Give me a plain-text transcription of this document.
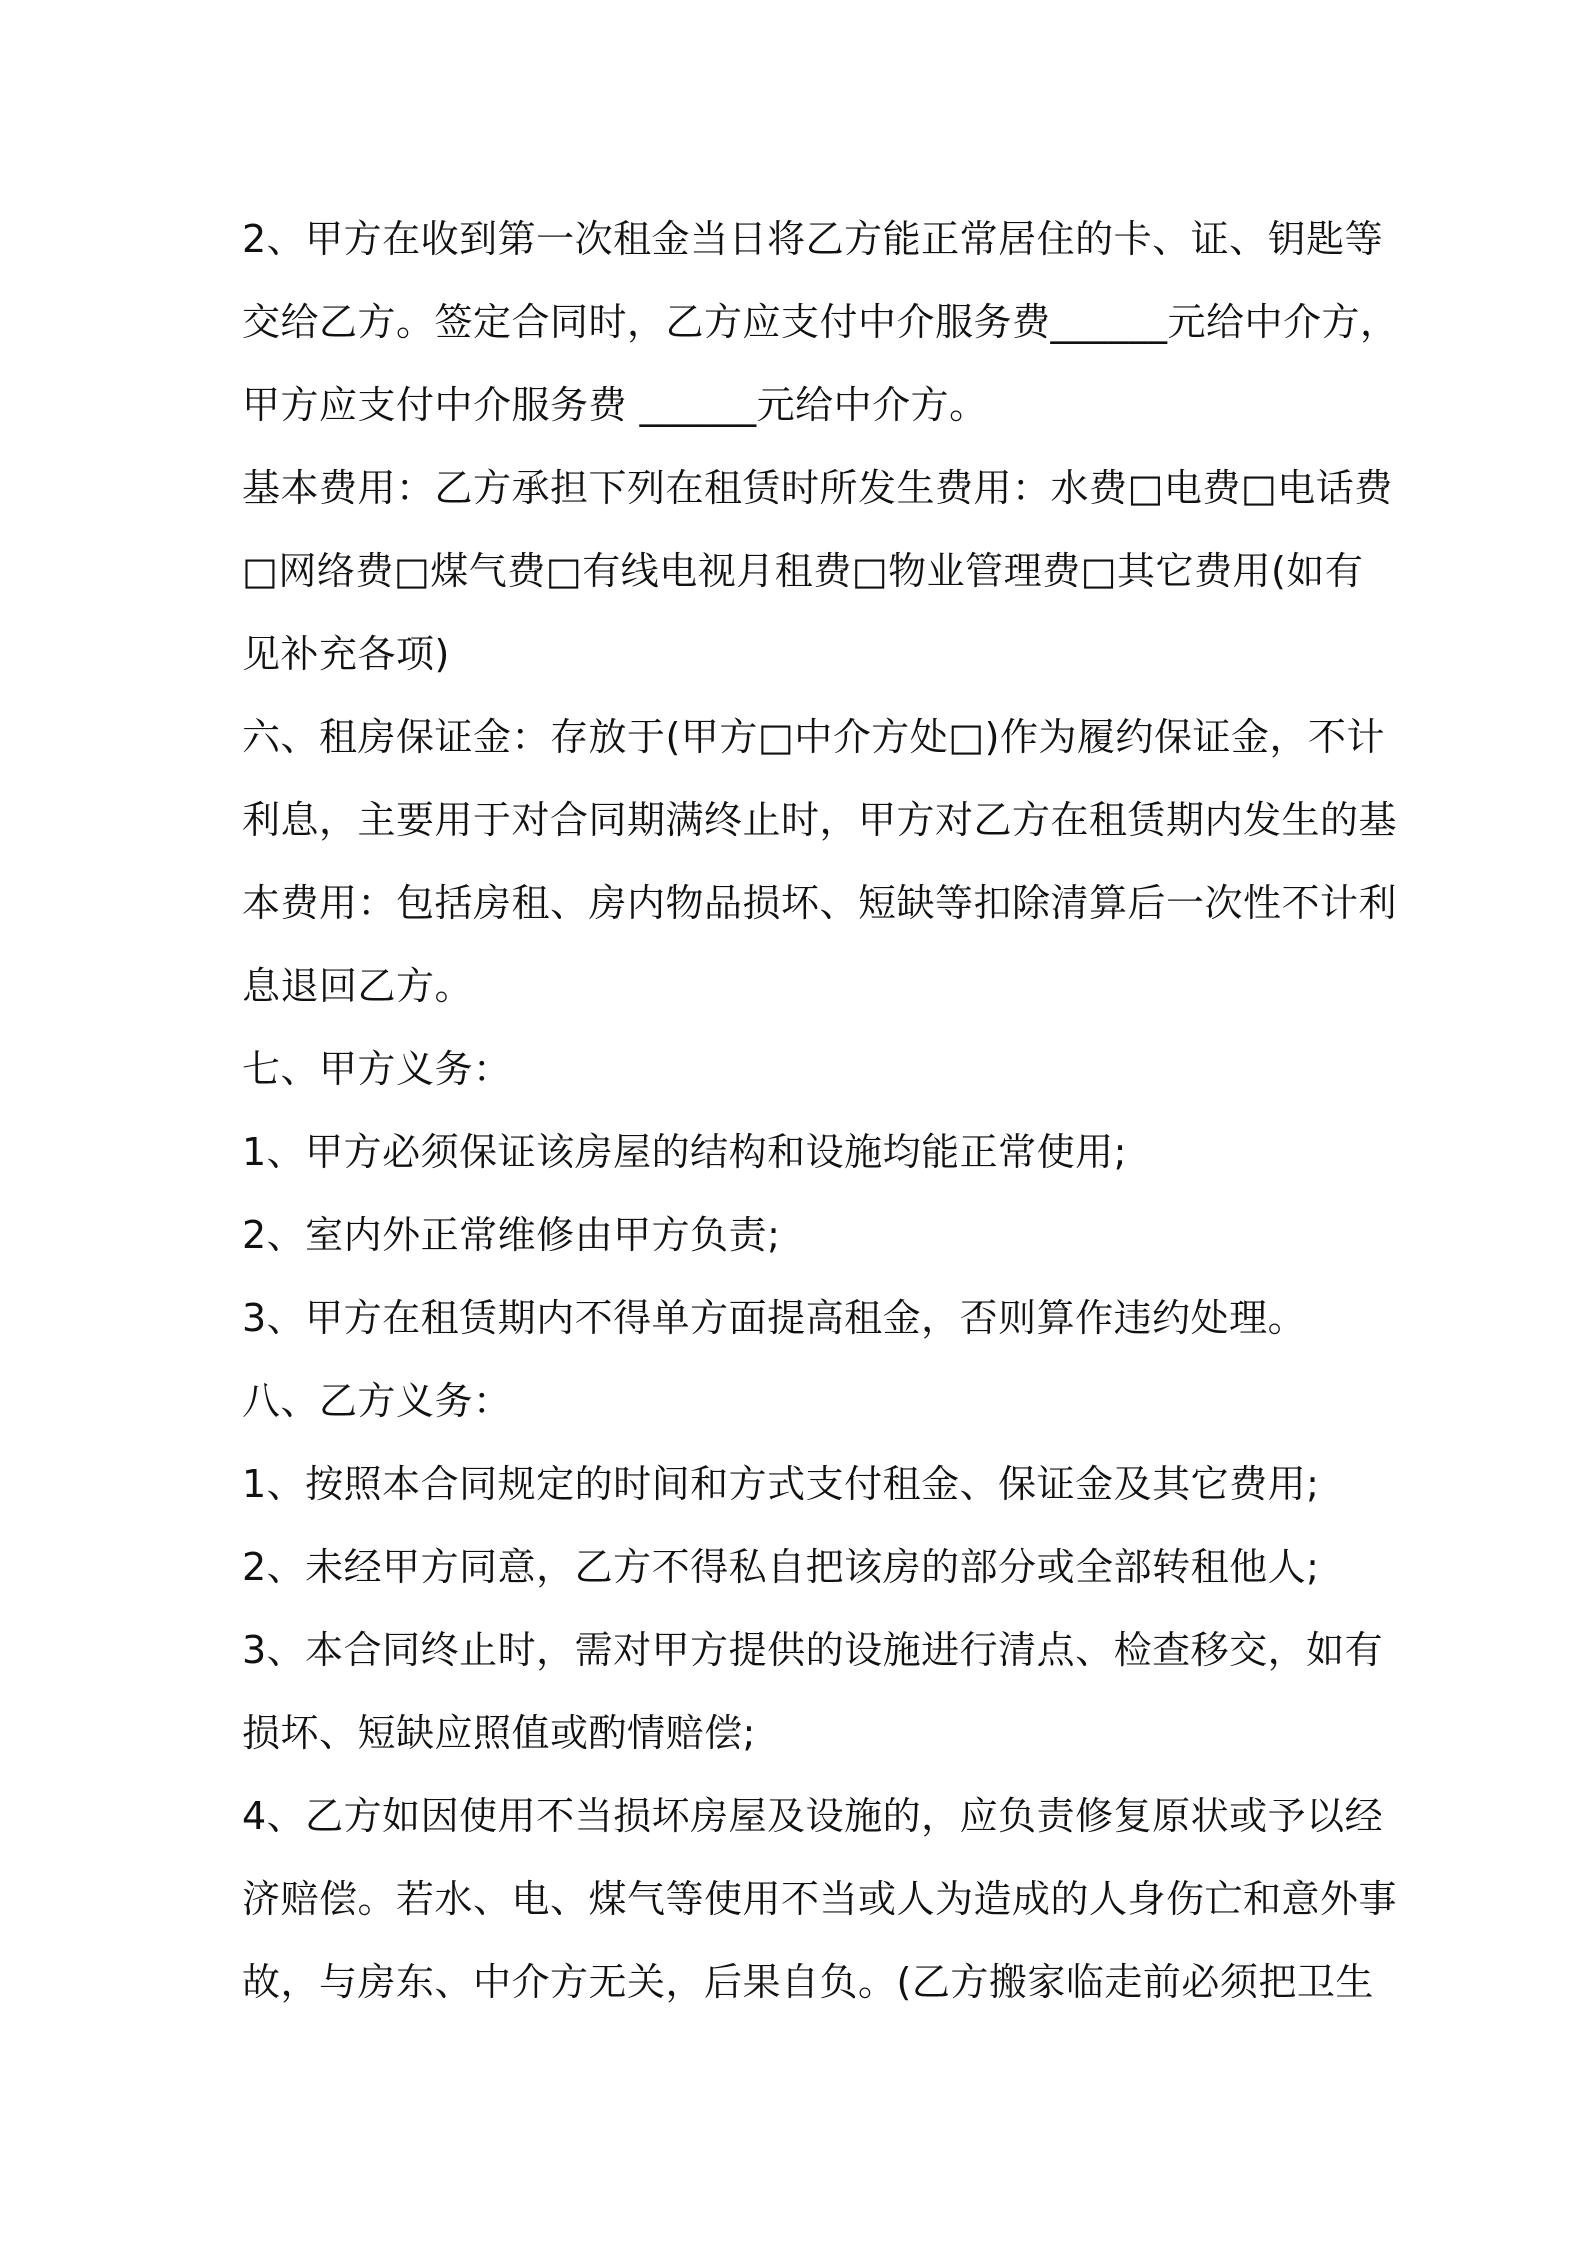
2、甲方在收到第一次租金当日将乙方能正常居住的卡、证、钥匙等
交给乙方。签定合同时，乙方应支付中介服务费______元给中介方，
甲方应支付中介服务费 ______元给中介方。
基本费用：乙方承担下列在租赁时所发生费用：水费□电费□电话费
□网络费□煤气费□有线电视月租费□物业管理费□其它费用(如有
见补充各项)
六、租房保证金：存放于(甲方□中介方处□)作为履约保证金，不计
利息，主要用于对合同期满终止时，甲方对乙方在租赁期内发生的基
本费用：包括房租、房内物品损坏、短缺等扣除清算后一次性不计利
息退回乙方。
七、甲方义务：
1、甲方必须保证该房屋的结构和设施均能正常使用;
2、室内外正常维修由甲方负责;
3、甲方在租赁期内不得单方面提高租金，否则算作违约处理。
八、乙方义务：
1、按照本合同规定的时间和方式支付租金、保证金及其它费用;
2、未经甲方同意，乙方不得私自把该房的部分或全部转租他人;
3、本合同终止时，需对甲方提供的设施进行清点、检查移交，如有
损坏、短缺应照值或酌情赔偿;
4、乙方如因使用不当损坏房屋及设施的，应负责修复原状或予以经
济赔偿。若水、电、煤气等使用不当或人为造成的人身伤亡和意外事
故，与房东、中介方无关，后果自负。(乙方搬家临走前必须把卫生
